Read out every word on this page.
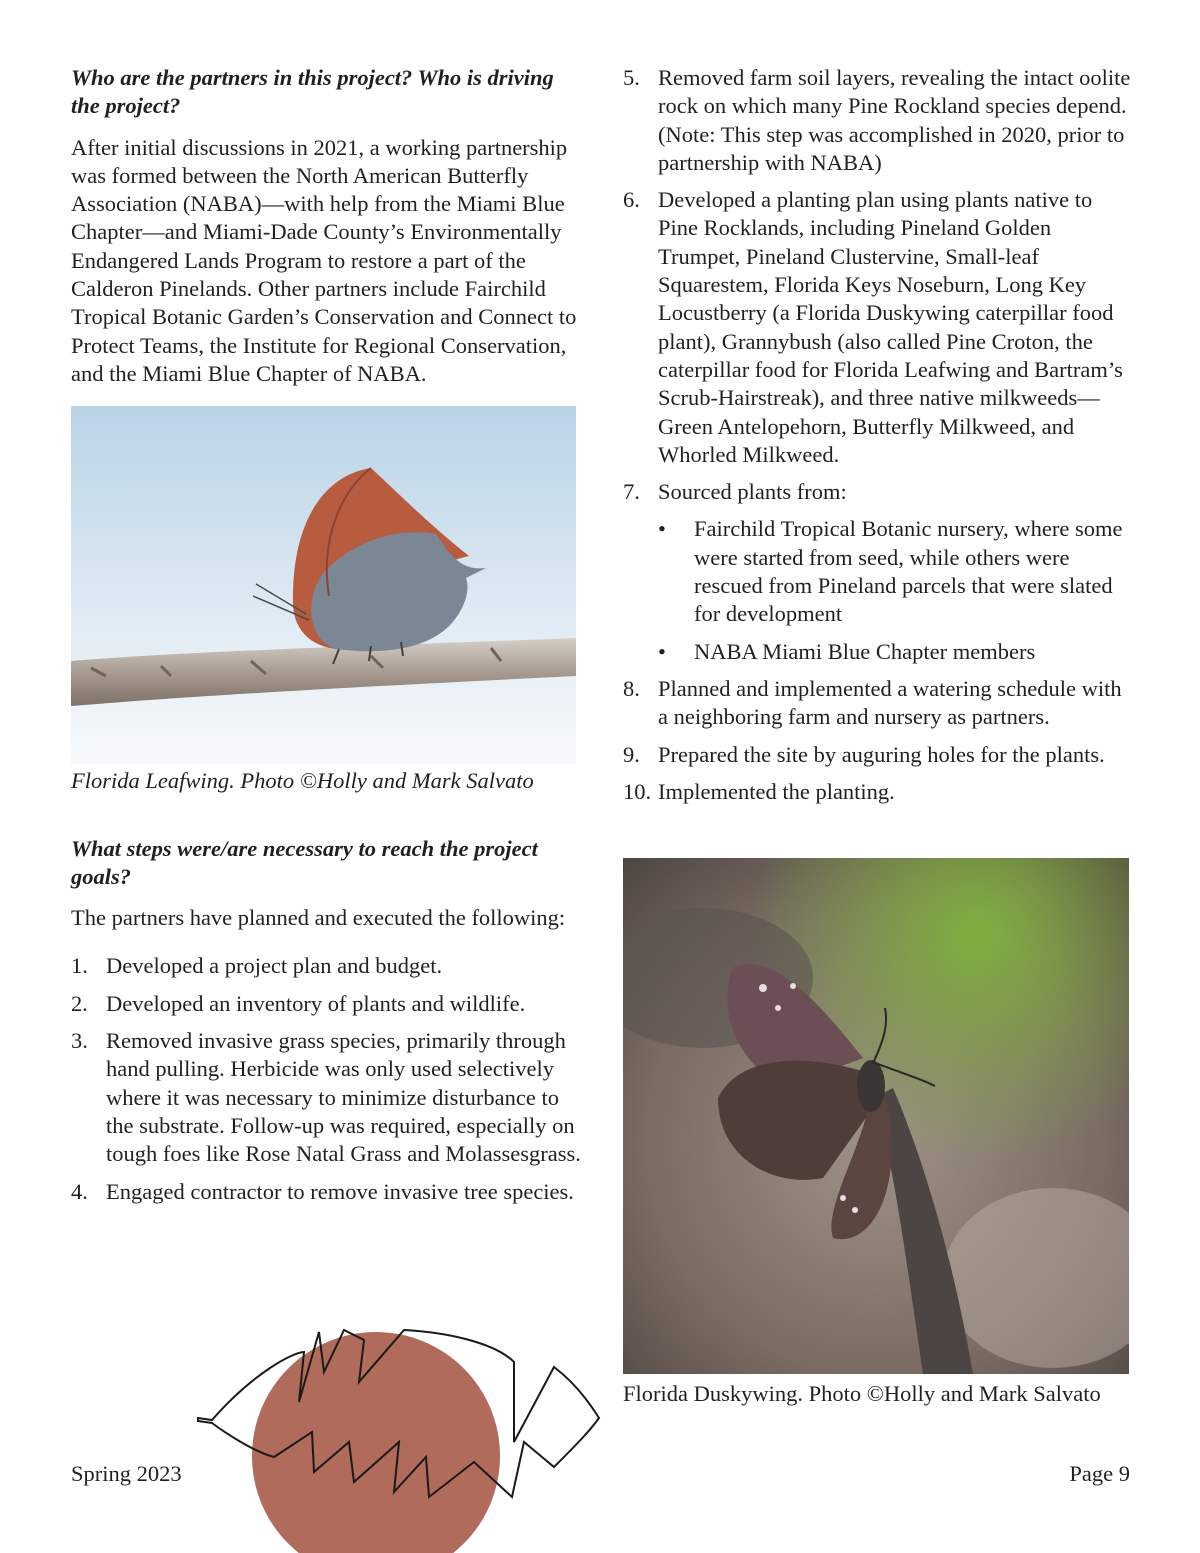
Who are the partners in this project? Who is driving the project?

After initial discussions in 2021, a working partnership was formed between the North American Butterfly Association (NABA)—with help from the Miami Blue Chapter—and Miami-Dade County’s Environmentally Endangered Lands Program to restore a part of the Calderon Pinelands. Other partners include Fairchild Tropical Botanic Garden’s Conservation and Connect to Protect Teams, the Institute for Regional Conservation, and the Miami Blue Chapter of NABA.

Florida Leafwing. Photo ©Holly and Mark Salvato
What steps were/are necessary to reach the project goals?

The partners have planned and executed the following:

1. Developed a project plan and budget.
2. Developed an inventory of plants and wildlife.
3. Removed invasive grass species, primarily through hand pulling. Herbicide was only used selectively where it was necessary to minimize disturbance to the substrate. Follow-up was required, especially on tough foes like Rose Natal Grass and Molassesgrass.
4. Engaged contractor to remove invasive tree species.
5. Removed farm soil layers, revealing the intact oolite rock on which many Pine Rockland species depend. (Note: This step was accomplished in 2020, prior to partnership with NABA)
6. Developed a planting plan using plants native to Pine Rocklands, including Pineland Golden Trumpet, Pineland Clustervine, Small-leaf Squarestem, Florida Keys Noseburn, Long Key Locustberry (a Florida Duskywing caterpillar food plant), Grannybush (also called Pine Croton, the caterpillar food for Florida Leafwing and Bartram’s Scrub-Hairstreak), and three native milkweeds—Green Antelopehorn, Butterfly Milkweed, and Whorled Milkweed.
7. Sourced plants from:
• Fairchild Tropical Botanic nursery, where some were started from seed, while others were rescued from Pineland parcels that were slated for development
• NABA Miami Blue Chapter members
8. Planned and implemented a watering schedule with a neighboring farm and nursery as partners.
9. Prepared the site by auguring holes for the plants.
10. Implemented the planting.
Florida Duskywing. Photo ©Holly and Mark Salvato
Spring 2023	Page 9
